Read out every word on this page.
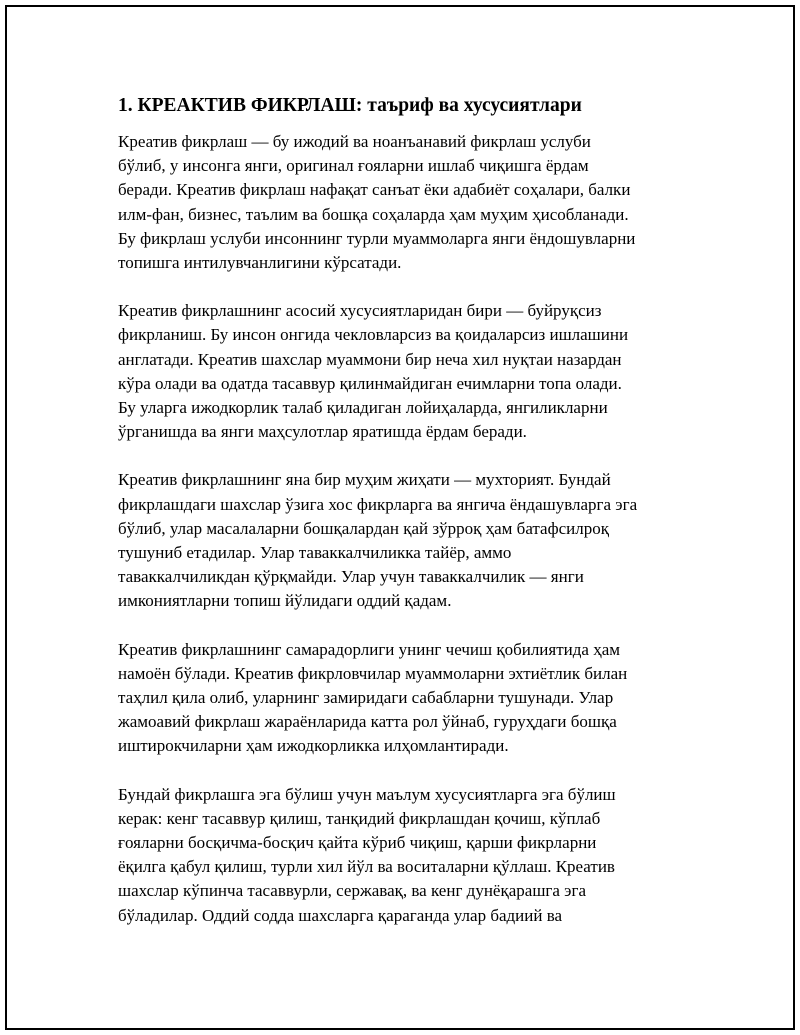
1. КРЕАКТИВ ФИКРЛАШ: таъриф ва хусусиятлари

Креатив фикрлаш — бу ижодий ва ноанъанавий фикрлаш услуби
бўлиб, у инсонга янги, оригинал ғояларни ишлаб чиқишга ёрдам
беради. Креатив фикрлаш нафақат санъат ёки адабиёт соҳалари, балки
илм-фан, бизнес, таълим ва бошқа соҳаларда ҳам муҳим ҳисобланади.
Бу фикрлаш услуби инсоннинг турли муаммоларга янги ёндошувларни
топишга интилувчанлигини кўрсатади.

Креатив фикрлашнинг асосий хусусиятларидан бири — буйруқсиз
фикрланиш. Бу инсон онгида чекловларсиз ва қоидаларсиз ишлашини
англатади. Креатив шахслар муаммони бир неча хил нуқтаи назардан
кўра олади ва одатда тасаввур қилинмайдиган ечимларни топа олади.
Бу уларга ижодкорлик талаб қиладиган лойиҳаларда, янгиликларни
ўрганишда ва янги маҳсулотлар яратишда ёрдам беради.

Креатив фикрлашнинг яна бир муҳим жиҳати — мухторият. Бундай
фикрлашдаги шахслар ўзига хос фикрларга ва янгича ёндашувларга эга
бўлиб, улар масалаларни бошқалардан қай зўрроқ ҳам батафсилроқ
тушуниб етадилар. Улар таваккалчиликка тайёр, аммо
таваккалчиликдан қўрқмайди. Улар учун таваккалчилик — янги
имкониятларни топиш йўлидаги оддий қадам.

Креатив фикрлашнинг самарадорлиги унинг чечиш қобилиятида ҳам
намоён бўлади. Креатив фикрловчилар муаммоларни эхтиётлик билан
таҳлил қила олиб, уларнинг замиридаги сабабларни тушунади. Улар
жамоавий фикрлаш жараёнларида катта рол ўйнаб, гуруҳдаги бошқа
иштирокчиларни ҳам ижодкорликка илҳомлантиради.

Бундай фикрлашга эга бўлиш учун маълум хусусиятларга эга бўлиш
керак: кенг тасаввур қилиш, танқидий фикрлашдан қочиш, кўплаб
ғояларни босқичма-босқич қайта кўриб чиқиш, қарши фикрларни
ёқилга қабул қилиш, турли хил йўл ва воситаларни қўллаш. Креатив
шахслар кўпинча тасаввурли, сержавақ, ва кенг дунёқарашга эга
бўладилар. Оддий содда шахсларга қараганда улар бадиий ва
